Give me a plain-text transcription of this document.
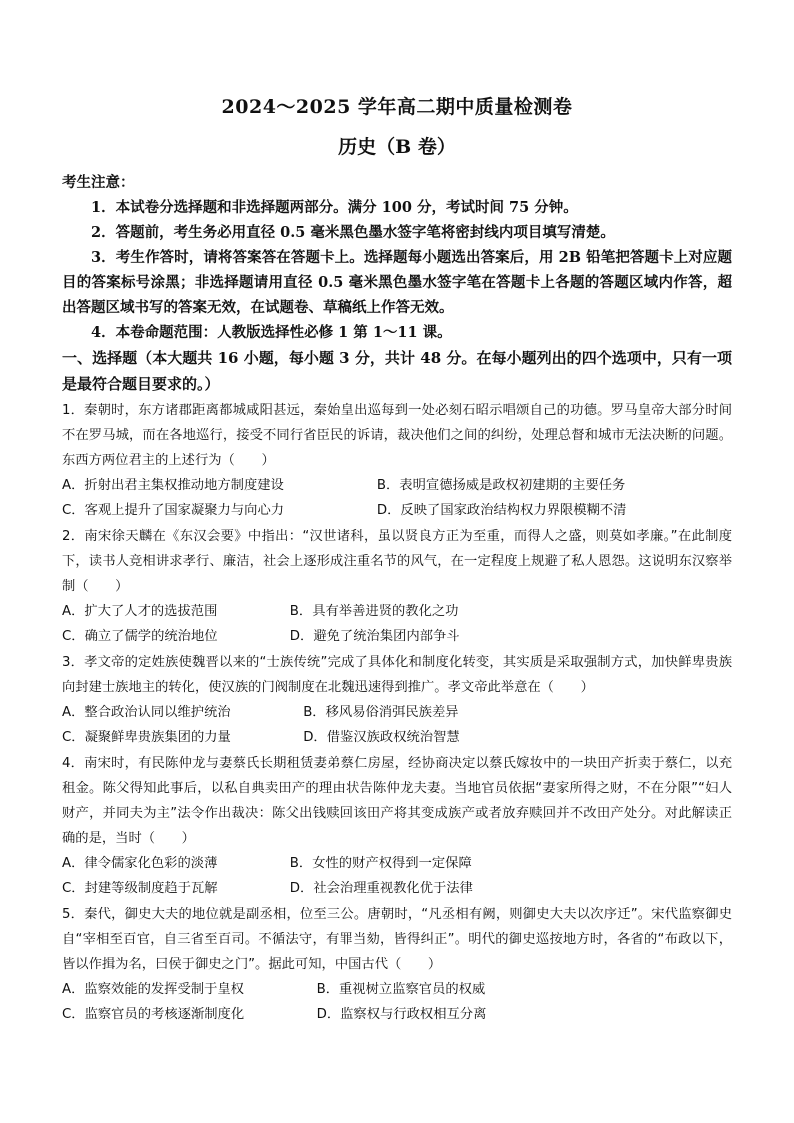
2024～2025 学年高二期中质量检测卷
历史（B 卷）
考生注意：
1．本试卷分选择题和非选择题两部分。满分 100 分，考试时间 75 分钟。
2．答题前，考生务必用直径 0.5 毫米黑色墨水签字笔将密封线内项目填写清楚。
3．考生作答时，请将答案答在答题卡上。选择题每小题选出答案后，用 2B 铅笔把答题卡上对应题目的答案标号涂黑；非选择题请用直径 0.5 毫米黑色墨水签字笔在答题卡上各题的答题区域内作答，超出答题区域书写的答案无效，在试题卷、草稿纸上作答无效。
4．本卷命题范围：人教版选择性必修 1 第 1～11 课。
一、选择题（本大题共 16 小题，每小题 3 分，共计 48 分。在每小题列出的四个选项中，只有一项是最符合题目要求的。）
1．秦朝时，东方诸郡距离都城咸阳甚远，秦始皇出巡每到一处必刻石昭示唱颂自己的功德。罗马皇帝大部分时间不在罗马城，而在各地巡行，接受不同行省臣民的诉请，裁决他们之间的纠纷，处理总督和城市无法决断的问题。东西方两位君主的上述行为（　　）
A．折射出君主集权推动地方制度建设	B．表明宣德扬威是政权初建期的主要任务
C．客观上提升了国家凝聚力与向心力	D．反映了国家政治结构权力界限模糊不清
2．南宋徐天麟在《东汉会要》中指出：“汉世诸科，虽以贤良方正为至重，而得人之盛，则莫如孝廉。”在此制度下，读书人竞相讲求孝行、廉洁，社会上逐形成注重名节的风气，在一定程度上规避了私人恩怨。这说明东汉察举制（　　）
A．扩大了人才的选拔范围	B．具有举善进贤的教化之功
C．确立了儒学的统治地位	D．避免了统治集团内部争斗
3．孝文帝的定姓族使魏晋以来的“士族传统”完成了具体化和制度化转变，其实质是采取强制方式，加快鲜卑贵族向封建士族地主的转化，使汉族的门阀制度在北魏迅速得到推广。孝文帝此举意在（　　）
A．整合政治认同以维护统治	B．移风易俗消弭民族差异
C．凝聚鲜卑贵族集团的力量	D．借鉴汉族政权统治智慧
4．南宋时，有民陈仲龙与妻蔡氏长期租赁妻弟蔡仁房屋，经协商决定以蔡氏嫁妆中的一块田产折卖于蔡仁，以充租金。陈父得知此事后，以私自典卖田产的理由状告陈仲龙夫妻。当地官员依据“妻家所得之财，不在分限”“妇人财产，并同夫为主”法令作出裁决：陈父出钱赎回该田产将其变成族产或者放弃赎回并不改田产处分。对此解读正确的是，当时（　　）
A．律令儒家化色彩的淡薄	B．女性的财产权得到一定保障
C．封建等级制度趋于瓦解	D．社会治理重视教化优于法律
5．秦代，御史大夫的地位就是副丞相，位至三公。唐朝时，“凡丞相有阙，则御史大夫以次序迁”。宋代监察御史自“宰相至百官，自三省至百司。不循法守，有罪当劾，皆得纠正”。明代的御史巡按地方时，各省的“布政以下，皆以作揖为名，曰侯于御史之门”。据此可知，中国古代（　　）
A．监察效能的发挥受制于皇权	B．重视树立监察官员的权威
C．监察官员的考核逐渐制度化	D．监察权与行政权相互分离
